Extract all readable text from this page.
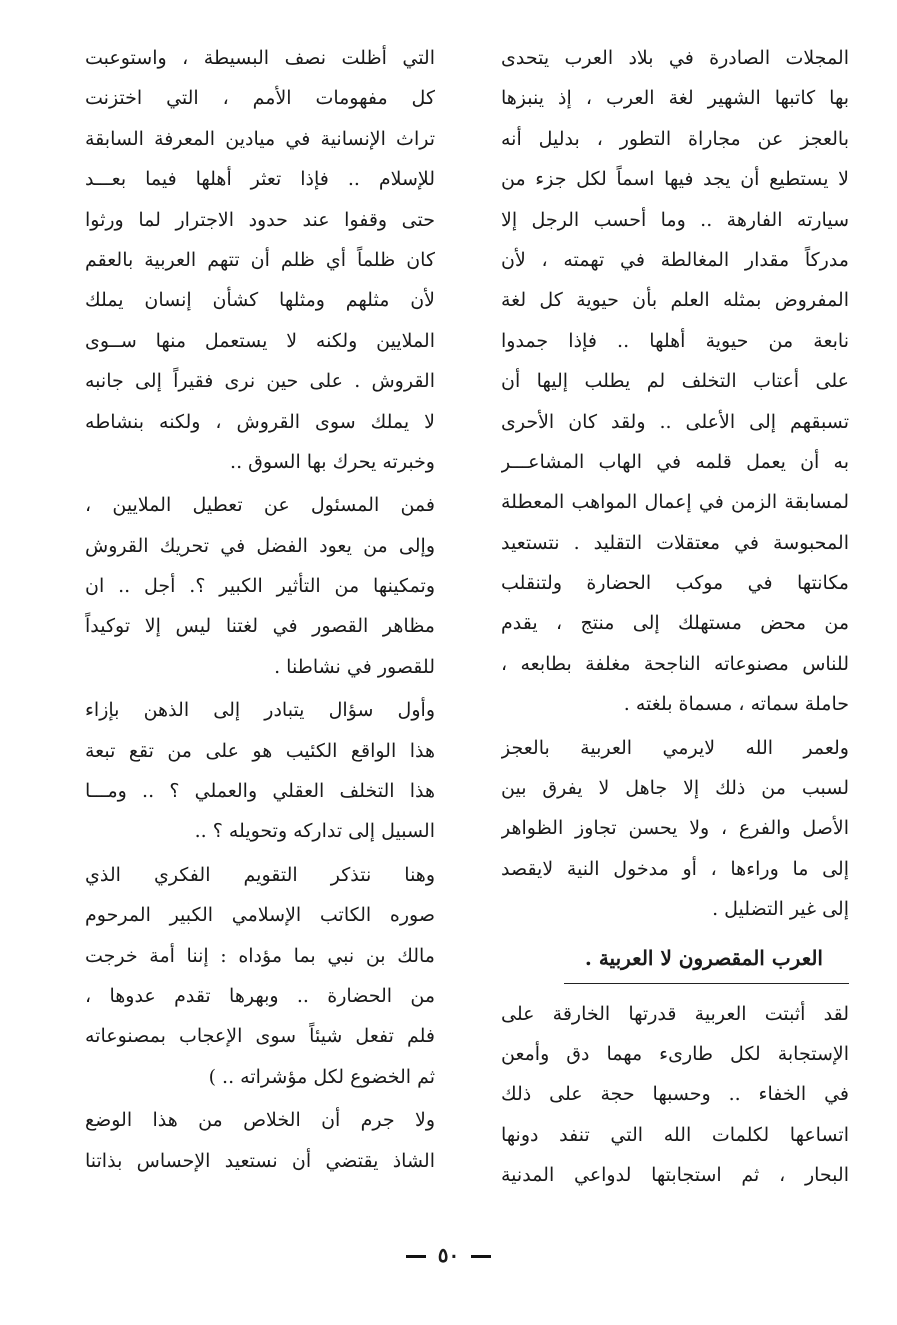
المجلات الصادرة في بلاد العرب يتحدى
بها كاتبها الشهير لغة العرب ، إذ ينبزها
بالعجز عن مجاراة التطور ، بدليل أنه
لا يستطيع أن يجد فيها اسماً لكل جزء من
سيارته الفارهة .. وما أحسب الرجل إلا
مدركاً مقدار المغالطة في تهمته ، لأن
المفروض بمثله العلم بأن حيوية كل لغة
نابعة من حيوية أهلها .. فإذا جمدوا
على أعتاب التخلف لم يطلب إليها أن
تسبقهم إلى الأعلى .. ولقد كان الأحرى
به أن يعمل قلمه في الهاب المشاعـــر
لمسابقة الزمن في إعمال المواهب المعطلة
المحبوسة في معتقلات التقليد . نتستعيد
مكانتها في موكب الحضارة ولتنقلب
من محض مستهلك إلى منتج ، يقدم
للناس مصنوعاته الناجحة مغلفة بطابعه ،
حاملة سماته ، مسماة بلغته .
ولعمر الله لايرمي العربية بالعجز
لسبب من ذلك إلا جاهل لا يفرق بين
الأصل والفرع ، ولا يحسن تجاوز الظواهر
إلى ما وراءها ، أو مدخول النية لايقصد
إلى غير التضليل .
العرب المقصرون لا العربية .
لقد أثبتت العربية قدرتها الخارقة على
الإستجابة لكل طارىء مهما دق وأمعن
في الخفاء .. وحسبها حجة على ذلك
اتساعها لكلمات الله التي تنفد دونها
البحار ، ثم استجابتها لدواعي المدنية
التي أظلت نصف البسيطة ، واستوعبت
كل مفهومات الأمم ، التي اختزنت
تراث الإنسانية في ميادين المعرفة السابقة
للإسلام .. فإذا تعثر أهلها فيما بعـــد
حتى وقفوا عند حدود الاجترار لما ورثوا
كان ظلماً أي ظلم أن تتهم العربية بالعقم
لأن مثلهم ومثلها كشأن إنسان يملك
الملايين ولكنه لا يستعمل منها ســوى
القروش . على حين نرى فقيراً إلى جانبه
لا يملك سوى القروش ، ولكنه بنشاطه
وخبرته يحرك بها السوق ..
فمن المسئول عن تعطيل الملايين ،
وإلى من يعود الفضل في تحريك القروش
وتمكينها من التأثير الكبير ؟. أجل .. ان
مظاهر القصور في لغتنا ليس إلا توكيداً
للقصور في نشاطنا .
وأول سؤال يتبادر إلى الذهن بإزاء
هذا الواقع الكئيب هو على من تقع تبعة
هذا التخلف العقلي والعملي ؟ .. ومـــا
السبيل إلى تداركه وتحويله ؟ ..
وهنا نتذكر التقويم الفكري الذي
صوره الكاتب الإسلامي الكبير المرحوم
مالك بن نبي بما مؤداه : إننا أمة خرجت
من الحضارة .. وبهرها تقدم عدوها ،
فلم تفعل شيئاً سوى الإعجاب بمصنوعاته
ثم الخضوع لكل مؤشراته .. )
ولا جرم أن الخلاص من هذا الوضع
الشاذ يقتضي أن نستعيد الإحساس بذاتنا
٥٠
